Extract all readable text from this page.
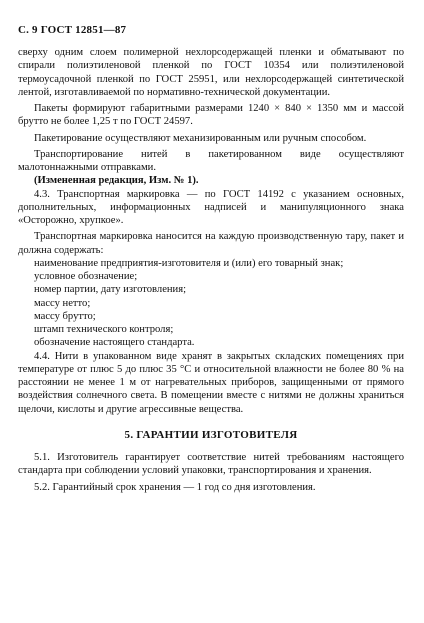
С. 9 ГОСТ 12851—87

сверху одним слоем полимерной нехлорсодержащей пленки и обматывают по спирали полиэтиленовой пленкой по ГОСТ 10354 или полиэтиленовой термоусадочной пленкой по ГОСТ 25951, или нехлорсодержащей синтетической лентой, изготавливаемой по нормативно-технической документации.

Пакеты формируют габаритными размерами 1240 × 840 × 1350 мм и массой брутто не более 1,25 т по ГОСТ 24597.

Пакетирование осуществляют механизированным или ручным способом.

Транспортирование нитей в пакетированном виде осуществляют малотоннажными отправками.

(Измененная редакция, Изм. № 1).

4.3. Транспортная маркировка — по ГОСТ 14192 с указанием основных, дополнительных, информационных надписей и манипуляционного знака «Осторожно, хрупкое».

Транспортная маркировка наносится на каждую производственную тару, пакет и должна содержать:

наименование предприятия-изготовителя и (или) его товарный знак;

условное обозначение;

номер партии, дату изготовления;

массу нетто;

массу брутто;

штамп технического контроля;

обозначение настоящего стандарта.

4.4. Нити в упакованном виде хранят в закрытых складских помещениях при температуре от плюс 5 до плюс 35 °С и относительной влажности не более 80 % на расстоянии не менее 1 м от нагревательных приборов, защищенными от прямого воздействия солнечного света. В помещении вместе с нитями не должны храниться щелочи, кислоты и другие агрессивные вещества.

5. ГАРАНТИИ ИЗГОТОВИТЕЛЯ

5.1. Изготовитель гарантирует соответствие нитей требованиям настоящего стандарта при соблюдении условий упаковки, транспортирования и хранения.

5.2. Гарантийный срок хранения — 1 год со дня изготовления.
